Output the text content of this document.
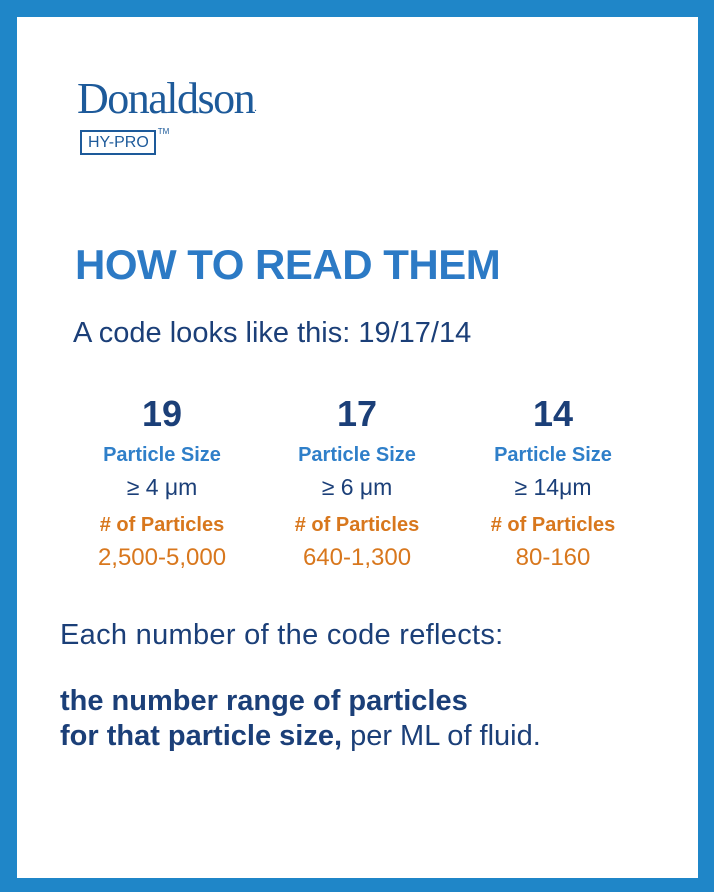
Donaldson.
HY-PRO
TM
HOW TO READ THEM
A code looks like this: 19/17/14
19
Particle Size
≥ 4 μm
# of Particles
2,500-5,000
17
Particle Size
≥ 6 μm
# of Particles
640-1,300
14
Particle Size
≥ 14μm
# of Particles
80-160
Each number of the code reflects:
the number range of particles
for that particle size, per ML of fluid.
